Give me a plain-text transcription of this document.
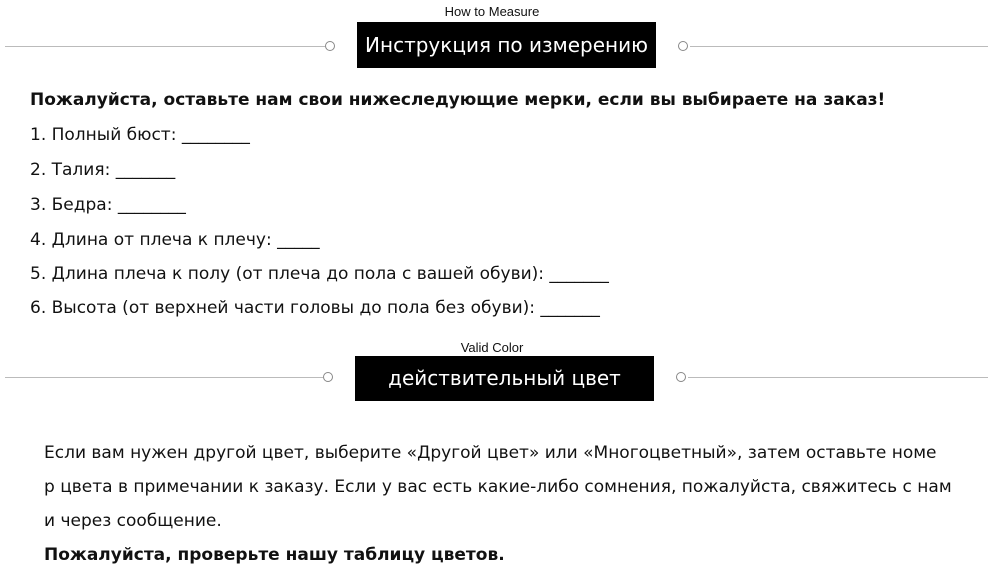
How to Measure
Инструкция по измерению
Пожалуйста, оставьте нам свои нижеследующие мерки, если вы выбираете на заказ!
1. Полный бюст: ________
2. Талия: _______
3. Бедра: ________
4. Длина от плеча к плечу: _____
5. Длина плеча к полу (от плеча до пола с вашей обуви): _______
6. Высота (от верхней части головы до пола без обуви): _______
Valid Color
действительный цвет
Если вам нужен другой цвет, выберите «Другой цвет» или «Многоцветный», затем оставьте номе
р цвета в примечании к заказу. Если у вас есть какие-либо сомнения, пожалуйста, свяжитесь с нам
и через сообщение.
Пожалуйста, проверьте нашу таблицу цветов.
